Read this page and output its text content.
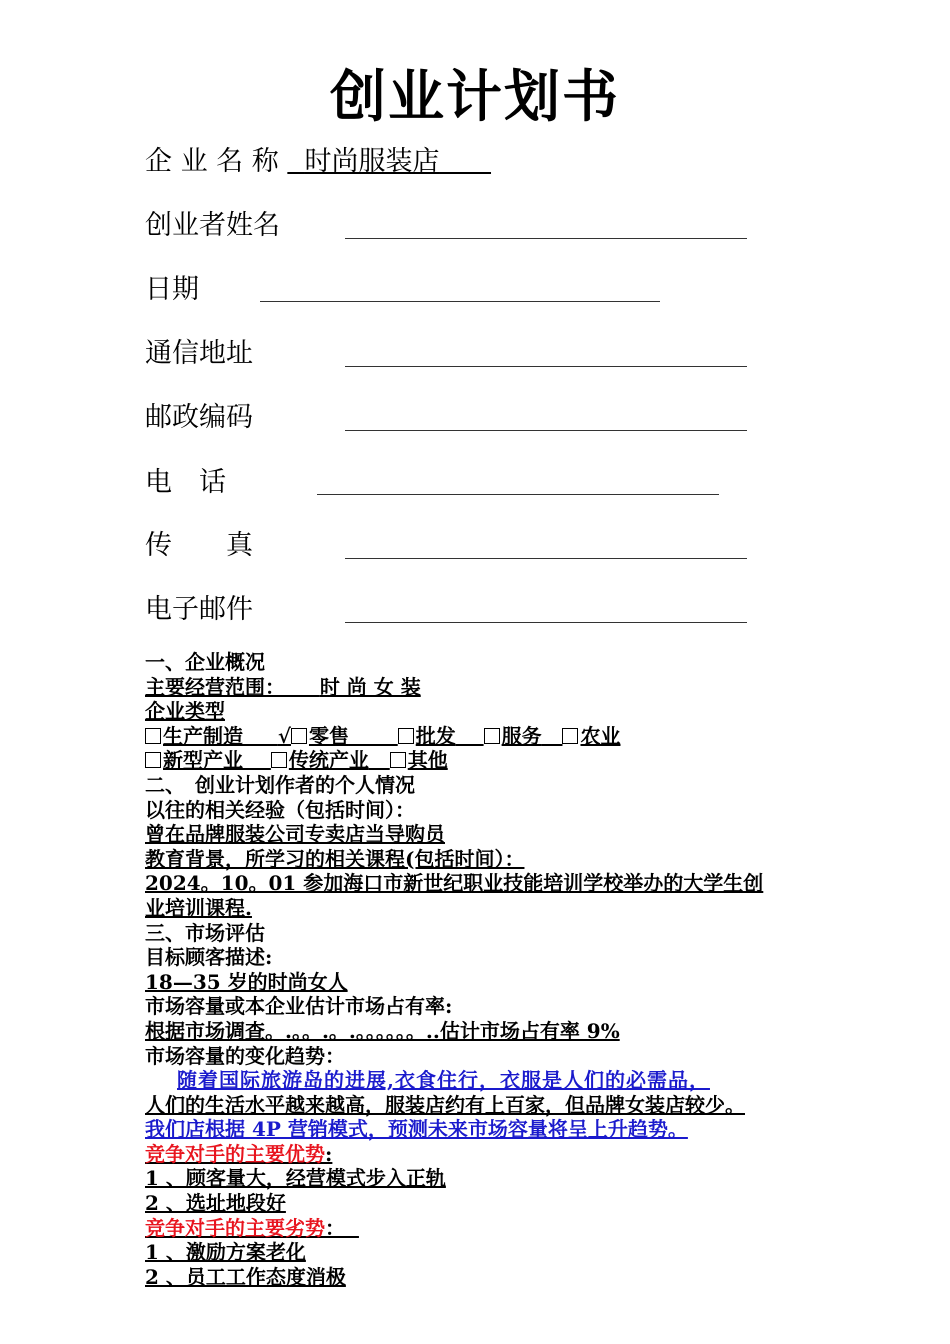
创业计划书
企 业 名 称 时尚服装店
创业者姓名
日期
通信地址
邮政编码
电　话
传　　真
电子邮件
一、企业概况
主要经营范围： 时 尚 女 装
企业类型
生产制造 √ 零售	批发 服务 农业
新型产业 传统产业 其他
二、　创业计划作者的个人情况
以往的相关经验（包括时间）：
曾在品牌服装公司专卖店当导购员
教育背景，所学习的相关课程(包括时间）：
2024。10。01 参加海口市新世纪职业技能培训学校举办的大学生创
业培训课程.
三、市场评估
目标顾客描述:
18—35 岁的时尚女人
市场容量或本企业估计市场占有率:
根据市场调查。.。。.。.。。。。。。..估计市场占有率 9%
市场容量的变化趋势：
随着国际旅游岛的进展,衣食住行，衣服是人们的必需品，
人们的生活水平越来越高，服装店约有上百家，但品牌女装店较少。
我们店根据 4P 营销模式，预测未来市场容量将呈上升趋势。
竞争对手的主要优势:
1 、顾客量大，经营模式步入正轨
2 、选址地段好
竞争对手的主要劣势：
1 、激励方案老化
2 、员工工作态度消极
